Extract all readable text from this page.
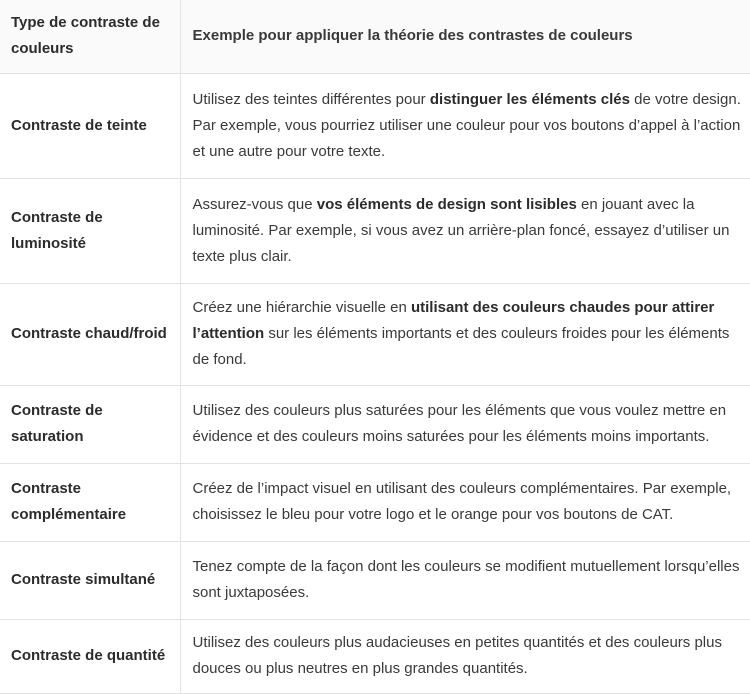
Type de contraste de couleurs	Exemple pour appliquer la théorie des contrastes de couleurs
Contraste de teinte	Utilisez des teintes différentes pour distinguer les éléments clés de votre design. Par exemple, vous pourriez utiliser une couleur pour vos boutons d’appel à l’action et une autre pour votre texte.
Contraste de luminosité	Assurez-vous que vos éléments de design sont lisibles en jouant avec la luminosité. Par exemple, si vous avez un arrière-plan foncé, essayez d’utiliser un texte plus clair.
Contraste chaud/froid	Créez une hiérarchie visuelle en utilisant des couleurs chaudes pour attirer l’attention sur les éléments importants et des couleurs froides pour les éléments de fond.
Contraste de saturation	Utilisez des couleurs plus saturées pour les éléments que vous voulez mettre en évidence et des couleurs moins saturées pour les éléments moins importants.
Contraste complémentaire	Créez de l’impact visuel en utilisant des couleurs complémentaires. Par exemple, choisissez le bleu pour votre logo et le orange pour vos boutons de CAT.
Contraste simultané	Tenez compte de la façon dont les couleurs se modifient mutuellement lorsqu’elles sont juxtaposées.
Contraste de quantité	Utilisez des couleurs plus audacieuses en petites quantités et des couleurs plus douces ou plus neutres en plus grandes quantités.
